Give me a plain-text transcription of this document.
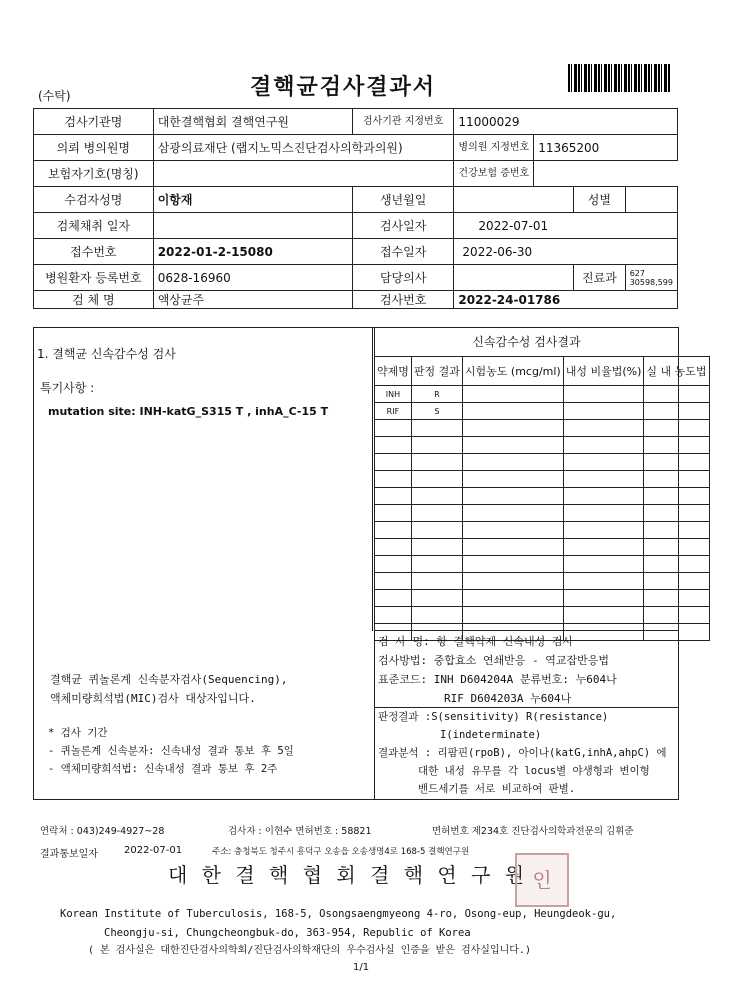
(수탁)	결핵균검사결과서
검사기관명	대한결핵협회 결핵연구원	검사기관 지정번호	11000029			
의뢰 병의원명	삼광의료재단 (랩지노믹스진단검사의학과의원)		병의원 지정번호	11365200		
보험자기호(명칭)			건강보험 증번호			
수검자성명	이항재	생년월일			성별	
검체채취 일자		검사일자	2022-07-01			
접수번호	2022-01-2-15080	접수일자	2022-06-30			
병원환자 등록번호	0628-16960	담당의사			진료과	627
30598,599

검 체 명	액상균주	검사번호	2022-24-01786			
1. 결핵균 신속감수성 검사
특기사항 :
mutation site: INH-katG_S315 T , inhA_C-15 T
결핵균 퀴놀론계 신속분자검사(Sequencing),
액체미량희석법(MIC)검사 대상자입니다.
* 검사 기간
- 퀴놀론계 신속분자: 신속내성 결과 통보 후 5일
- 액체미량희석법: 신속내성 결과 통보 후 2주
신속감수성 검사결과
약제명	판정 결과	시험농도 (mcg/ml)	내성 비율법(%)	실 내 농도법
INH	R			
RIF	S			

검 사 명: 항 결핵약제 신속내성 검사
검사방법: 중합효소 연쇄반응 - 역교잡반응법
표준코드: INH D604204A 분류번호: 누604나
RIF D604203A 누604나
판정결과 :S(sensitivity) R(resistance)
I(indeterminate)
결과분석 : 리팜핀(rpoB), 아이나(katG,inhA,ahpC) 에
대한 내성 유무를 각 locus별 야생형과 변이형
밴드세기를 서로 비교하여 판별.
연락처 : 043)249-4927~28	검사자 : 이현수 면허번호 : 58821	면허번호 제234호 진단검사의학과전문의 김휘준
결과통보일자	2022-07-01	주소: 충청북도 청주시 흥덕구 오송읍 오송생명4로 168-5 결핵연구원
대 한 결 핵 협 회 결 핵 연 구 원 인
Korean Institute of Tuberculosis, 168-5, Osongsaengmyeong 4-ro, Osong-eup, Heungdeok-gu,
Cheongju-si, Chungcheongbuk-do, 363-954, Republic of Korea
( 본 검사실은 대한진단검사의학회/진단검사의학재단의 우수검사실 인증을 받은 검사실입니다.)
1/1
